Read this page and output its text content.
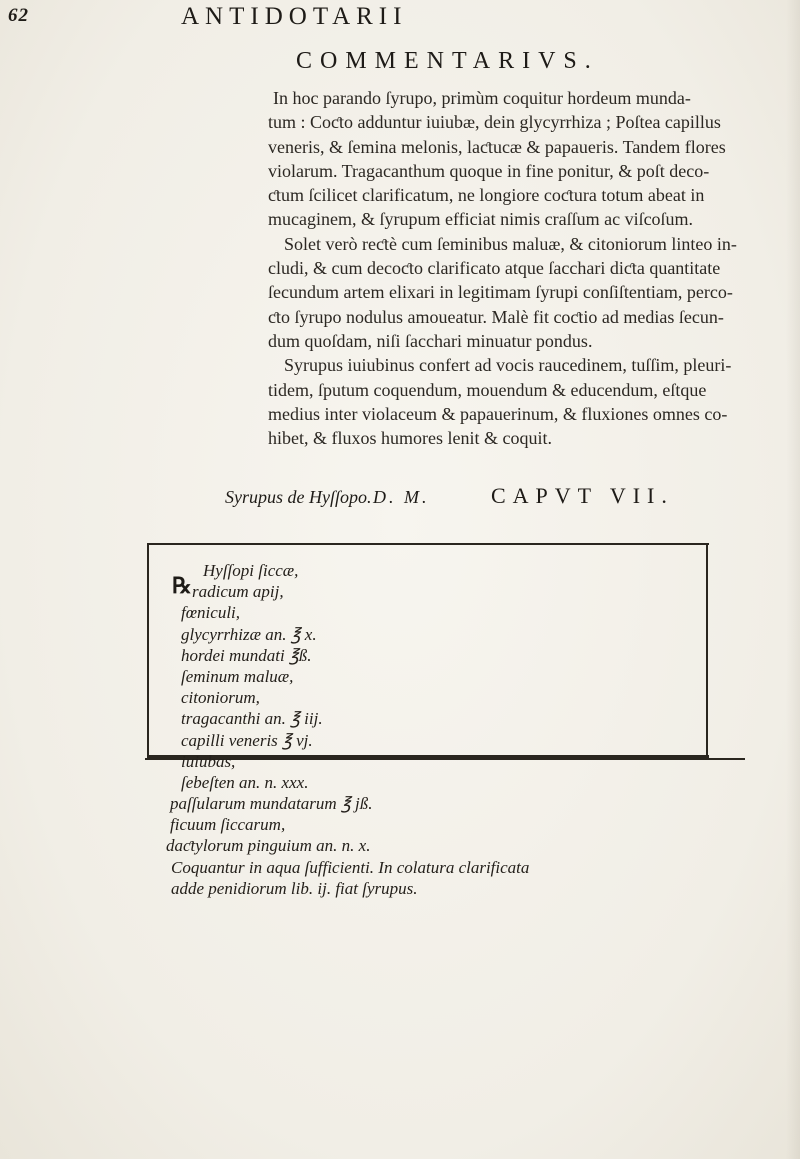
62	ANTIDOTARII
COMMENTARIVS.
In hoc parando ſyrupo, primùm coquitur hordeum munda-
tum : Coƈto adduntur iuiubæ, dein glycyrrhiza ; Poſtea capillus
veneris, & ſemina melonis, laƈtucæ & papaueris. Tandem flores
violarum. Tragacanthum quoque in fine ponitur, & poſt deco-
ƈtum ſcilicet clarificatum, ne longiore coƈtura totum abeat in
mucaginem, & ſyrupum efficiat nimis craſſum ac viſcoſum.
Solet verò reƈtè cum ſeminibus maluæ, & citoniorum linteo in-
cludi, & cum decoƈto clarificato atque ſacchari diƈta quantitate
ſecundum artem elixari in legitimam ſyrupi conſiſtentiam, perco-
ƈto ſyrupo nodulus amoueatur. Malè fit coƈtio ad medias ſecun-
dum quoſdam, niſi ſacchari minuatur pondus.
Syrupus iuiubinus confert ad vocis raucedinem, tuſſim, pleuri-
tidem, ſputum coquendum, mouendum & educendum, eſtque
medius inter violaceum & papauerinum, & fluxiones omnes co-
hibet, & fluxos humores lenit & coquit.
Syrupus de Hyſſopo. D. M.	CAPVT VII.
℞
Hyſſopi ſiccæ,
radicum apij,
fœniculi,
glycyrrhizæ an. ℥ x.
hordei mundati ℥ß.
ſeminum maluæ,
citoniorum,
tragacanthi an. ℥ iij.
capilli veneris ℥ vj.
iuiubas,
ſebeſten an. n. xxx.
paſſularum mundatarum ℥ jß.
ficuum ſiccarum,
daƈtylorum pinguium an. n. x.
Coquantur in aqua ſufficienti. In colatura clarificata
adde penidiorum lib. ij. fiat ſyrupus.
